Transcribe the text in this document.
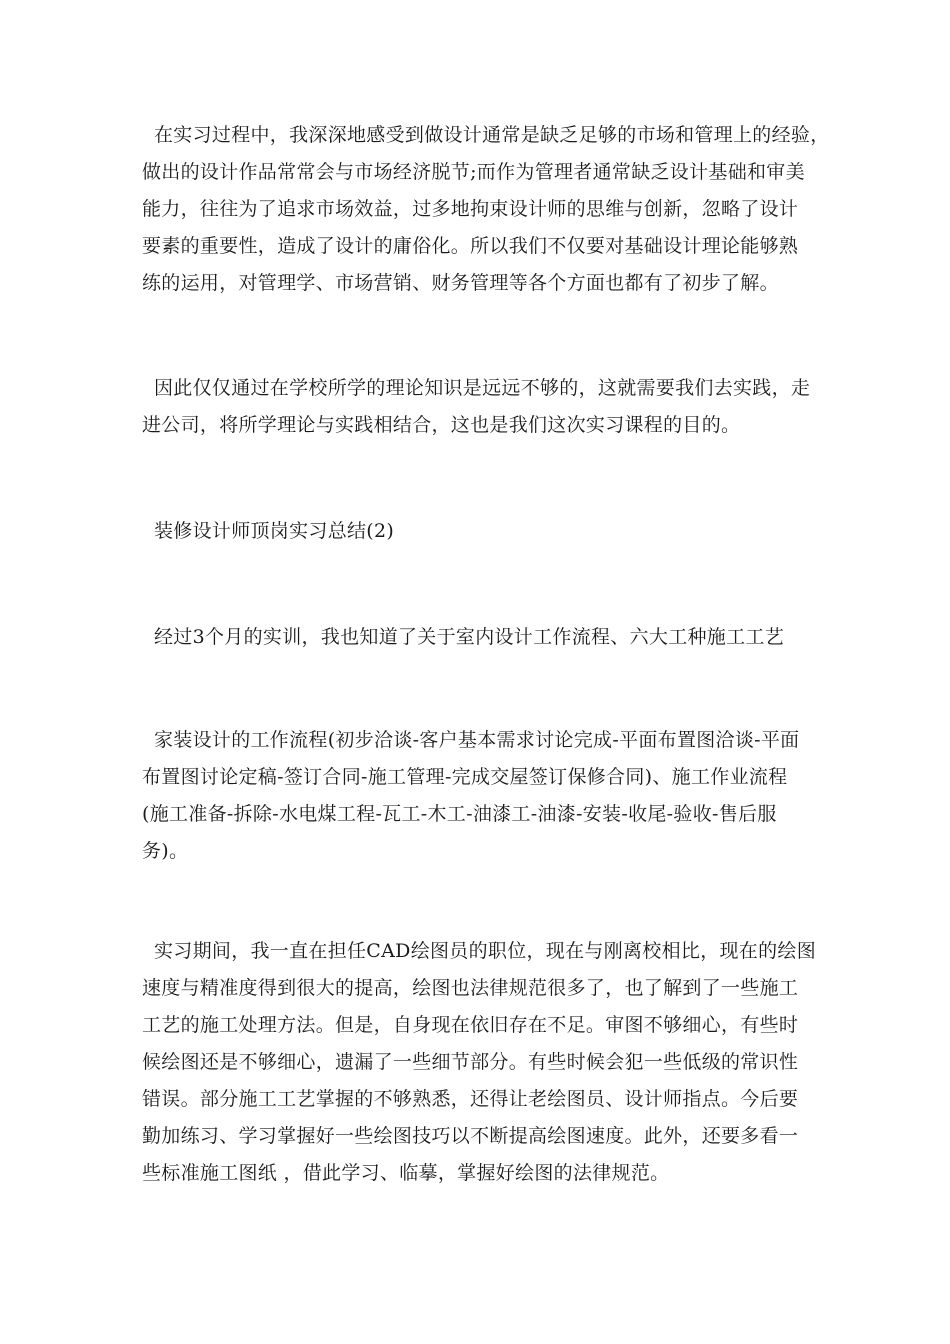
在实习过程中，我深深地感受到做设计通常是缺乏足够的市场和管理上的经验，
做出的设计作品常常会与市场经济脱节;而作为管理者通常缺乏设计基础和审美
能力，往往为了追求市场效益，过多地拘束设计师的思维与创新，忽略了设计
要素的重要性，造成了设计的庸俗化。所以我们不仅要对基础设计理论能够熟
练的运用，对管理学、市场营销、财务管理等各个方面也都有了初步了解。
因此仅仅通过在学校所学的理论知识是远远不够的，这就需要我们去实践，走
进公司，将所学理论与实践相结合，这也是我们这次实习课程的目的。
装修设计师顶岗实习总结(2)
经过3个月的实训，我也知道了关于室内设计工作流程、六大工种施工工艺
家装设计的工作流程(初步洽谈-客户基本需求讨论完成-平面布置图洽谈-平面
布置图讨论定稿-签订合同-施工管理-完成交屋签订保修合同)、施工作业流程
(施工准备-拆除-水电煤工程-瓦工-木工-油漆工-油漆-安装-收尾-验收-售后服
务)。
实习期间，我一直在担任CAD绘图员的职位，现在与刚离校相比，现在的绘图
速度与精准度得到很大的提高，绘图也法律规范很多了，也了解到了一些施工
工艺的施工处理方法。但是，自身现在依旧存在不足。审图不够细心，有些时
候绘图还是不够细心，遗漏了一些细节部分。有些时候会犯一些低级的常识性
错误。部分施工工艺掌握的不够熟悉，还得让老绘图员、设计师指点。今后要
勤加练习、学习掌握好一些绘图技巧以不断提高绘图速度。此外，还要多看一
些标准施工图纸 ，借此学习、临摹，掌握好绘图的法律规范。
